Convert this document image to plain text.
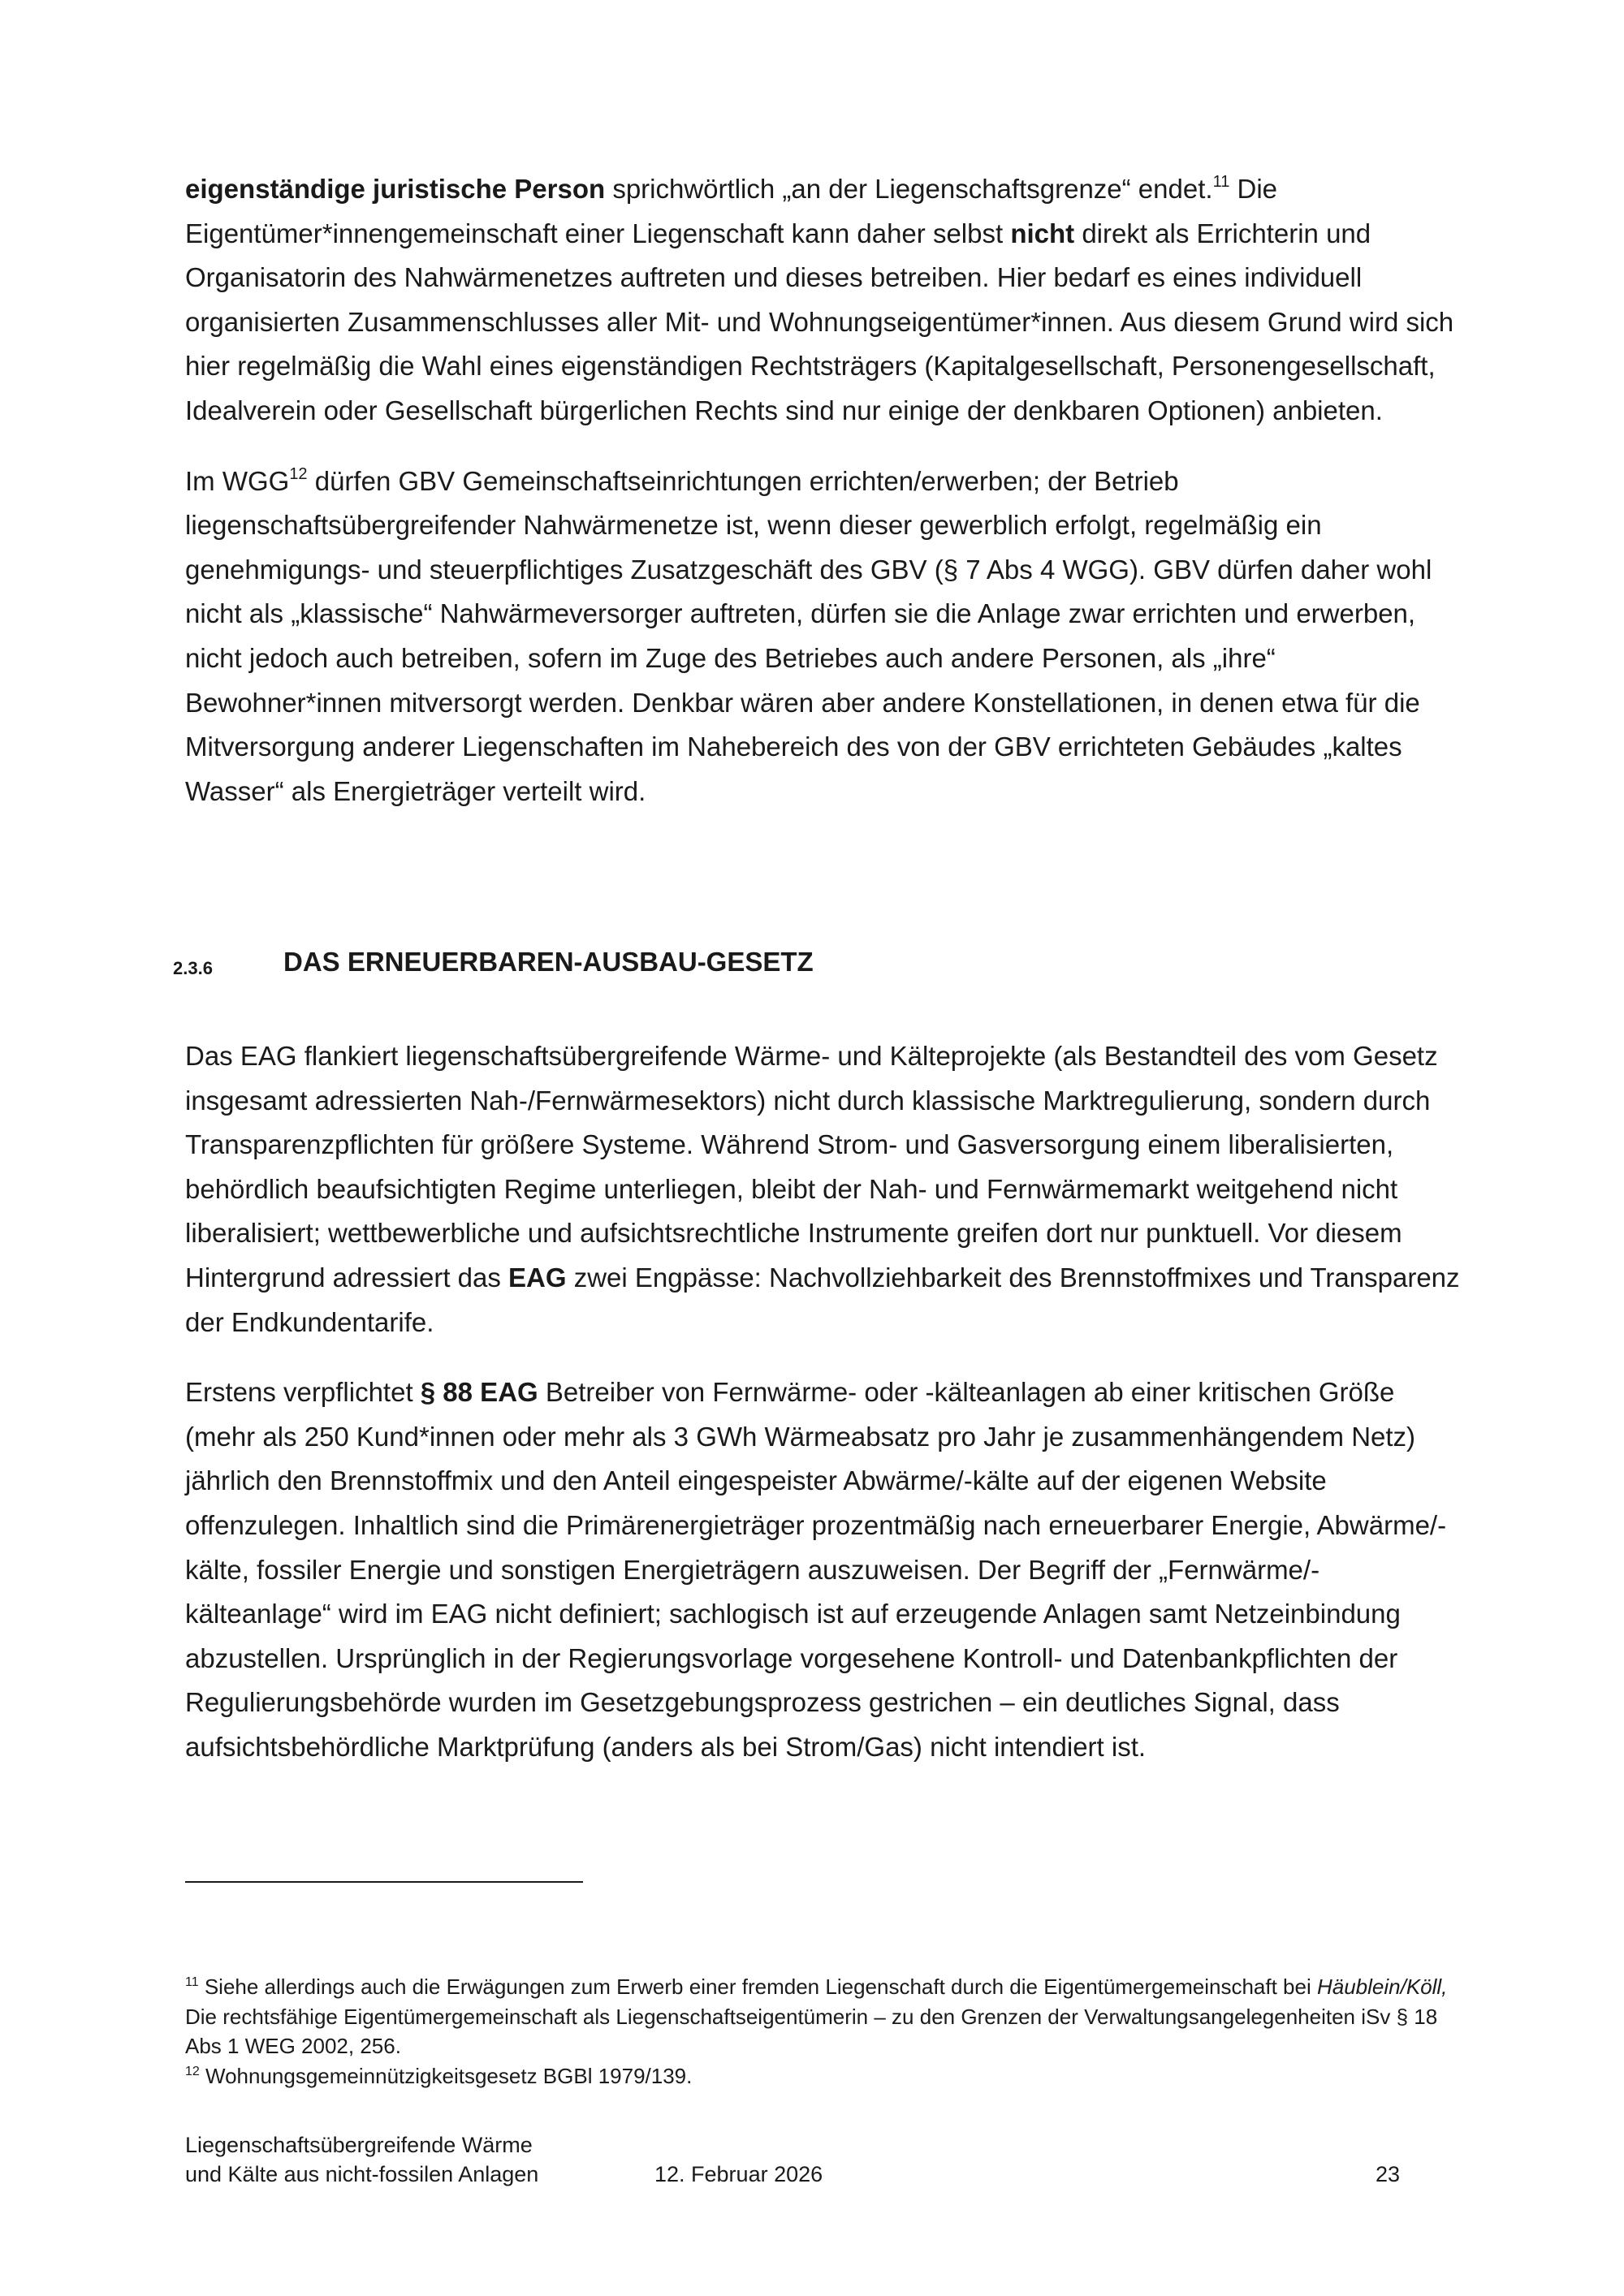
eigenständige juristische Person sprichwörtlich „an der Liegenschaftsgrenze“ endet.$^{11}$ Die Eigentümer*innengemeinschaft einer Liegenschaft kann daher selbst nicht direkt als Errichterin und Organisatorin des Nahwärmenetzes auftreten und dieses betreiben. Hier bedarf es eines individuell organisierten Zusammenschlusses aller Mit- und Wohnungseigentümer*innen. Aus diesem Grund wird sich hier regelmäßig die Wahl eines eigenständigen Rechtsträgers (Kapitalgesellschaft, Personengesellschaft, Idealverein oder Gesellschaft bürgerlichen Rechts sind nur einige der denkbaren Optionen) anbieten.

Im WGG$^{12}$ dürfen GBV Gemeinschaftseinrichtungen errichten/erwerben; der Betrieb liegenschaftsübergreifender Nahwärmenetze ist, wenn dieser gewerblich erfolgt, regelmäßig ein genehmigungs- und steuerpflichtiges Zusatzgeschäft des GBV (§ 7 Abs 4 WGG). GBV dürfen daher wohl nicht als „klassische“ Nahwärmeversorger auftreten, dürfen sie die Anlage zwar errichten und erwerben, nicht jedoch auch betreiben, sofern im Zuge des Betriebes auch andere Personen, als „ihre“ Bewohner*innen mitversorgt werden. Denkbar wären aber andere Konstellationen, in denen etwa für die Mitversorgung anderer Liegenschaften im Nahebereich des von der GBV errichteten Gebäudes „kaltes Wasser“ als Energieträger verteilt wird.

2.3.6	DAS ERNEUERBAREN-AUSBAU-GESETZ

Das EAG flankiert liegenschaftsübergreifende Wärme- und Kälteprojekte (als Bestandteil des vom Gesetz insgesamt adressierten Nah-/Fernwärmesektors) nicht durch klassische Marktregulierung, sondern durch Transparenzpflichten für größere Systeme. Während Strom- und Gasversorgung einem liberalisierten, behördlich beaufsichtigten Regime unterliegen, bleibt der Nah- und Fernwärmemarkt weitgehend nicht liberalisiert; wettbewerbliche und aufsichtsrechtliche Instrumente greifen dort nur punktuell. Vor diesem Hintergrund adressiert das EAG zwei Engpässe: Nachvollziehbarkeit des Brennstoffmixes und Transparenz der Endkundentarife.

Erstens verpflichtet § 88 EAG Betreiber von Fernwärme- oder -kälteanlagen ab einer kritischen Größe (mehr als 250 Kund*innen oder mehr als 3 GWh Wärmeabsatz pro Jahr je zusammenhängendem Netz) jährlich den Brennstoffmix und den Anteil eingespeister Abwärme/-kälte auf der eigenen Website offenzulegen. Inhaltlich sind die Primärenergieträger prozentmäßig nach erneuerbarer Energie, Abwärme/-kälte, fossiler Energie und sonstigen Energieträgern auszuweisen. Der Begriff der „Fernwärme/-kälteanlage“ wird im EAG nicht definiert; sachlogisch ist auf erzeugende Anlagen samt Netzeinbindung abzustellen. Ursprünglich in der Regierungsvorlage vorgesehene Kontroll- und Datenbankpflichten der Regulierungsbehörde wurden im Gesetzgebungsprozess gestrichen – ein deutliches Signal, dass aufsichtsbehördliche Marktprüfung (anders als bei Strom/Gas) nicht intendiert ist.

$^{11}$ Siehe allerdings auch die Erwägungen zum Erwerb einer fremden Liegenschaft durch die Eigentümergemeinschaft bei Häublein/Köll, Die rechtsfähige Eigentümergemeinschaft als Liegenschaftseigentümerin – zu den Grenzen der Verwaltungsangelegenheiten iSv § 18 Abs 1 WEG 2002, 256.

$^{12}$ Wohnungsgemeinnützigkeitsgesetz BGBl 1979/139.

Liegenschaftsübergreifende Wärme
und Kälte aus nicht-fossilen Anlagen	12. Februar 2026	23
